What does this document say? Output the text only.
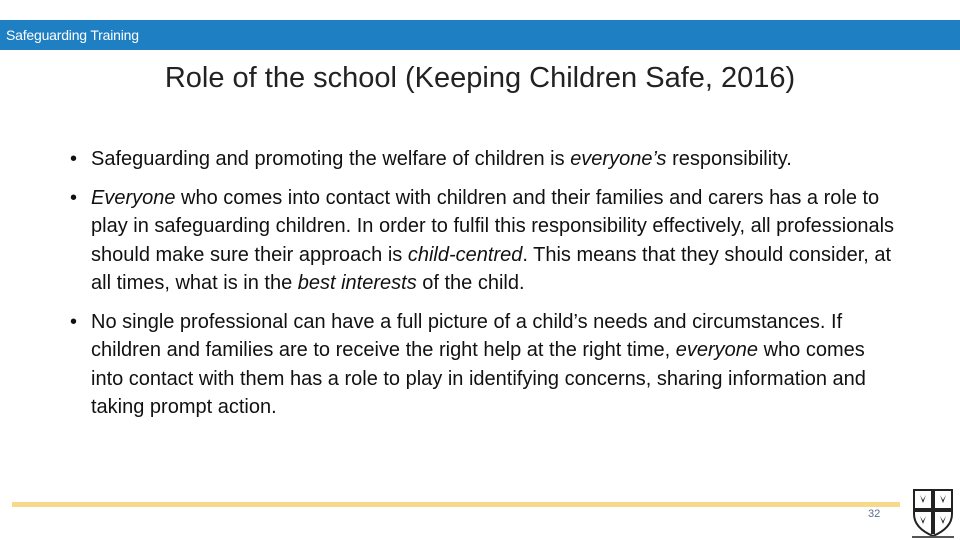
Safeguarding Training
Role of the school (Keeping Children Safe, 2016)
• Safeguarding and promoting the welfare of children is everyone’s responsibility.
• Everyone who comes into contact with children and their families and carers has a role to play in safeguarding children. In order to fulfil this responsibility effectively, all professionals should make sure their approach is child-centred. This means that they should consider, at all times, what is in the best interests of the child.
• No single professional can have a full picture of a child’s needs and circumstances. If children and families are to receive the right help at the right time, everyone who comes into contact with them has a role to play in identifying concerns, sharing information and taking prompt action.
32
